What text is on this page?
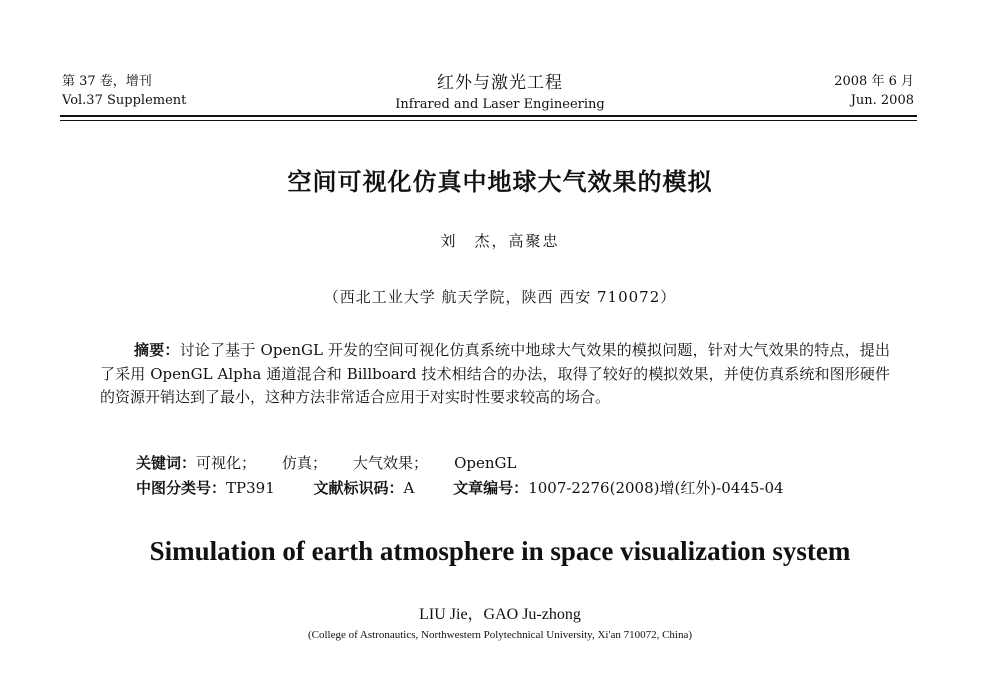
第 37 卷，增刊
Vol.37 Supplement
红外与激光工程
Infrared and Laser Engineering
2008 年 6 月
Jun. 2008
空间可视化仿真中地球大气效果的模拟
刘　杰，高聚忠
（西北工业大学 航天学院，陕西 西安 710072）

摘要：讨论了基于 OpenGL 开发的空间可视化仿真系统中地球大气效果的模拟问题，针对大气效果的特点，提出了采用 OpenGL Alpha 通道混合和 Billboard 技术相结合的办法，取得了较好的模拟效果，并使仿真系统和图形硬件的资源开销达到了最小，这种方法非常适合应用于对实时性要求较高的场合。

关键词：可视化； 仿真； 大气效果； OpenGL
中图分类号：TP391	文献标识码：A	文章编号：1007-2276(2008)增(红外)-0445-04
Simulation of earth atmosphere in space visualization system
LIU Jie，GAO Ju-zhong
(College of Astronautics, Northwestern Polytechnical University, Xi'an 710072, China)
